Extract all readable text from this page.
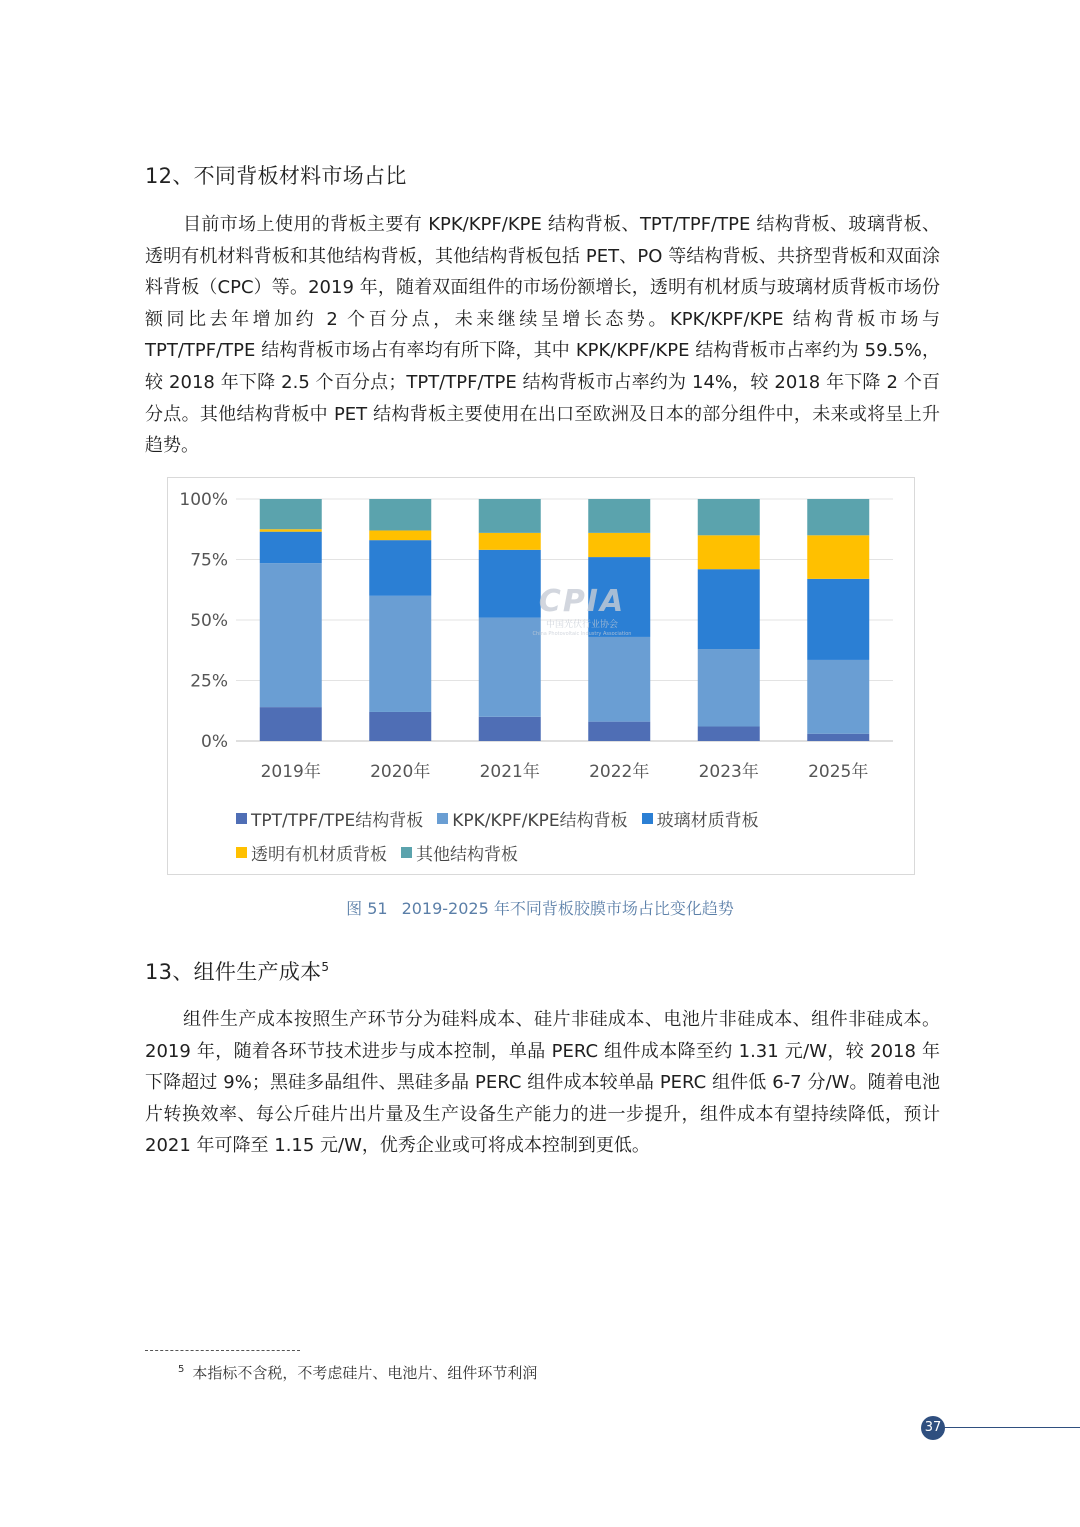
12、不同背板材料市场占比

目前市场上使用的背板主要有 KPK/KPF/KPE 结构背板、TPT/TPF/TPE 结构背板、玻璃背板、透明有机材料背板和其他结构背板，其他结构背板包括 PET、PO 等结构背板、共挤型背板和双面涂料背板（CPC）等。2019 年，随着双面组件的市场份额增长，透明有机材质与玻璃材质背板市场份额同比去年增加约 2 个百分点，未来继续呈增长态势。KPK/KPF/KPE 结构背板市场与 TPT/TPF/TPE 结构背板市场占有率均有所下降，其中 KPK/KPF/KPE 结构背板市占率约为 59.5%，较 2018 年下降 2.5 个百分点；TPT/TPF/TPE 结构背板市占率约为 14%，较 2018 年下降 2 个百分点。其他结构背板中 PET 结构背板主要使用在出口至欧洲及日本的部分组件中，未来或将呈上升趋势。

100%
75%
50%
25%
0%
2019年	2020年	2021年	2022年	2023年	2025年
TPT/TPF/TPE结构背板 KPK/KPF/KPE结构背板 玻璃材质背板
透明有机材质背板 其他结构背板
CPIA
中国光伏行业协会
China Photovoltaic Industry Association
图 51 2019-2025 年不同背板胶膜市场占比变化趋势
13、组件生产成本$^5$

组件生产成本按照生产环节分为硅料成本、硅片非硅成本、电池片非硅成本、组件非硅成本。2019 年，随着各环节技术进步与成本控制，单晶 PERC 组件成本降至约 1.31 元/W，较 2018 年下降超过 9%；黑硅多晶组件、黑硅多晶 PERC 组件成本较单晶 PERC 组件低 6-7 分/W。随着电池片转换效率、每公斤硅片出片量及生产设备生产能力的进一步提升，组件成本有望持续降低，预计 2021 年可降至 1.15 元/W，优秀企业或可将成本控制到更低。

$^5$ 本指标不含税，不考虑硅片、电池片、组件环节利润
37
